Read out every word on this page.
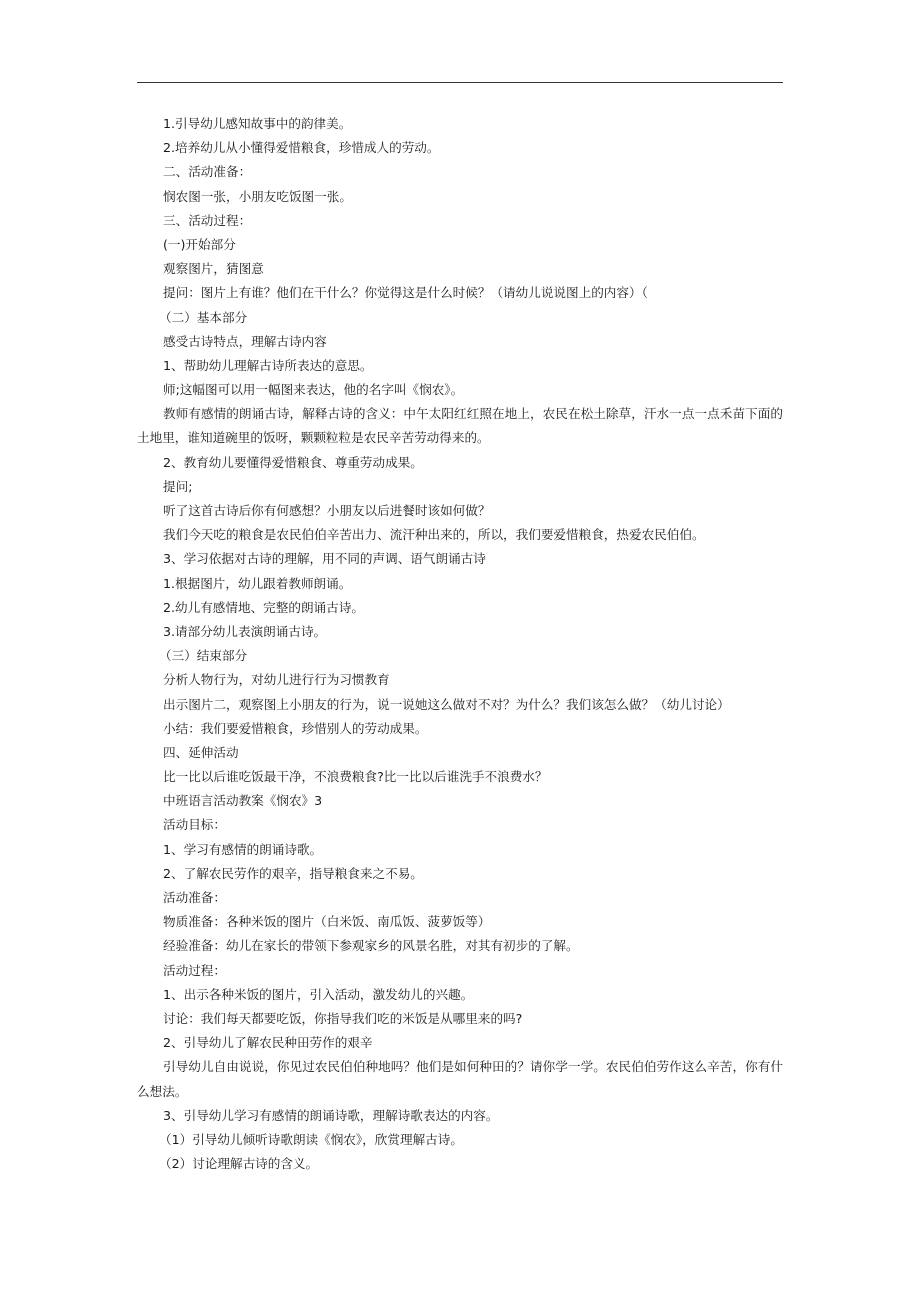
1.引导幼儿感知故事中的韵律美。
2.培养幼儿从小懂得爱惜粮食，珍惜成人的劳动。
二、活动准备：
悯农图一张，小朋友吃饭图一张。
三、活动过程：
(一)开始部分
观察图片，猜图意
提问：图片上有谁？他们在干什么？你觉得这是什么时候？（请幼儿说说图上的内容）（
（二）基本部分
感受古诗特点，理解古诗内容
1、帮助幼儿理解古诗所表达的意思。
师;这幅图可以用一幅图来表达，他的名字叫《悯农》。
教师有感情的朗诵古诗，解释古诗的含义：中午太阳红红照在地上，农民在松土除草，汗水一点一点禾苗下面的土地里，谁知道碗里的饭呀，颗颗粒粒是农民辛苦劳动得来的。
2、教育幼儿要懂得爱惜粮食、尊重劳动成果。
提问;
听了这首古诗后你有何感想？小朋友以后进餐时该如何做？
我们今天吃的粮食是农民伯伯辛苦出力、流汗种出来的，所以，我们要爱惜粮食，热爱农民伯伯。
3、学习依据对古诗的理解，用不同的声调、语气朗诵古诗
1.根据图片，幼儿跟着教师朗诵。
2.幼儿有感情地、完整的朗诵古诗。
3.请部分幼儿表演朗诵古诗。
（三）结束部分
分析人物行为，对幼儿进行行为习惯教育
出示图片二，观察图上小朋友的行为，说一说她这么做对不对？为什么？我们该怎么做？（幼儿讨论）
小结：我们要爱惜粮食，珍惜别人的劳动成果。
四、延伸活动
比一比以后谁吃饭最干净，不浪费粮食?比一比以后谁洗手不浪费水？
中班语言活动教案《悯农》3
活动目标：
1、学习有感情的朗诵诗歌。
2、了解农民劳作的艰辛，指导粮食来之不易。
活动准备：
物质准备：各种米饭的图片（白米饭、南瓜饭、菠萝饭等）
经验准备：幼儿在家长的带领下参观家乡的风景名胜，对其有初步的了解。
活动过程：
1、出示各种米饭的图片，引入活动，激发幼儿的兴趣。
讨论：我们每天都要吃饭，你指导我们吃的米饭是从哪里来的吗?
2、引导幼儿了解农民种田劳作的艰辛
引导幼儿自由说说，你见过农民伯伯种地吗？他们是如何种田的？请你学一学。农民伯伯劳作这么辛苦，你有什么想法。
3、引导幼儿学习有感情的朗诵诗歌，理解诗歌表达的内容。
（1）引导幼儿倾听诗歌朗读《悯农》，欣赏理解古诗。
（2）讨论理解古诗的含义。
